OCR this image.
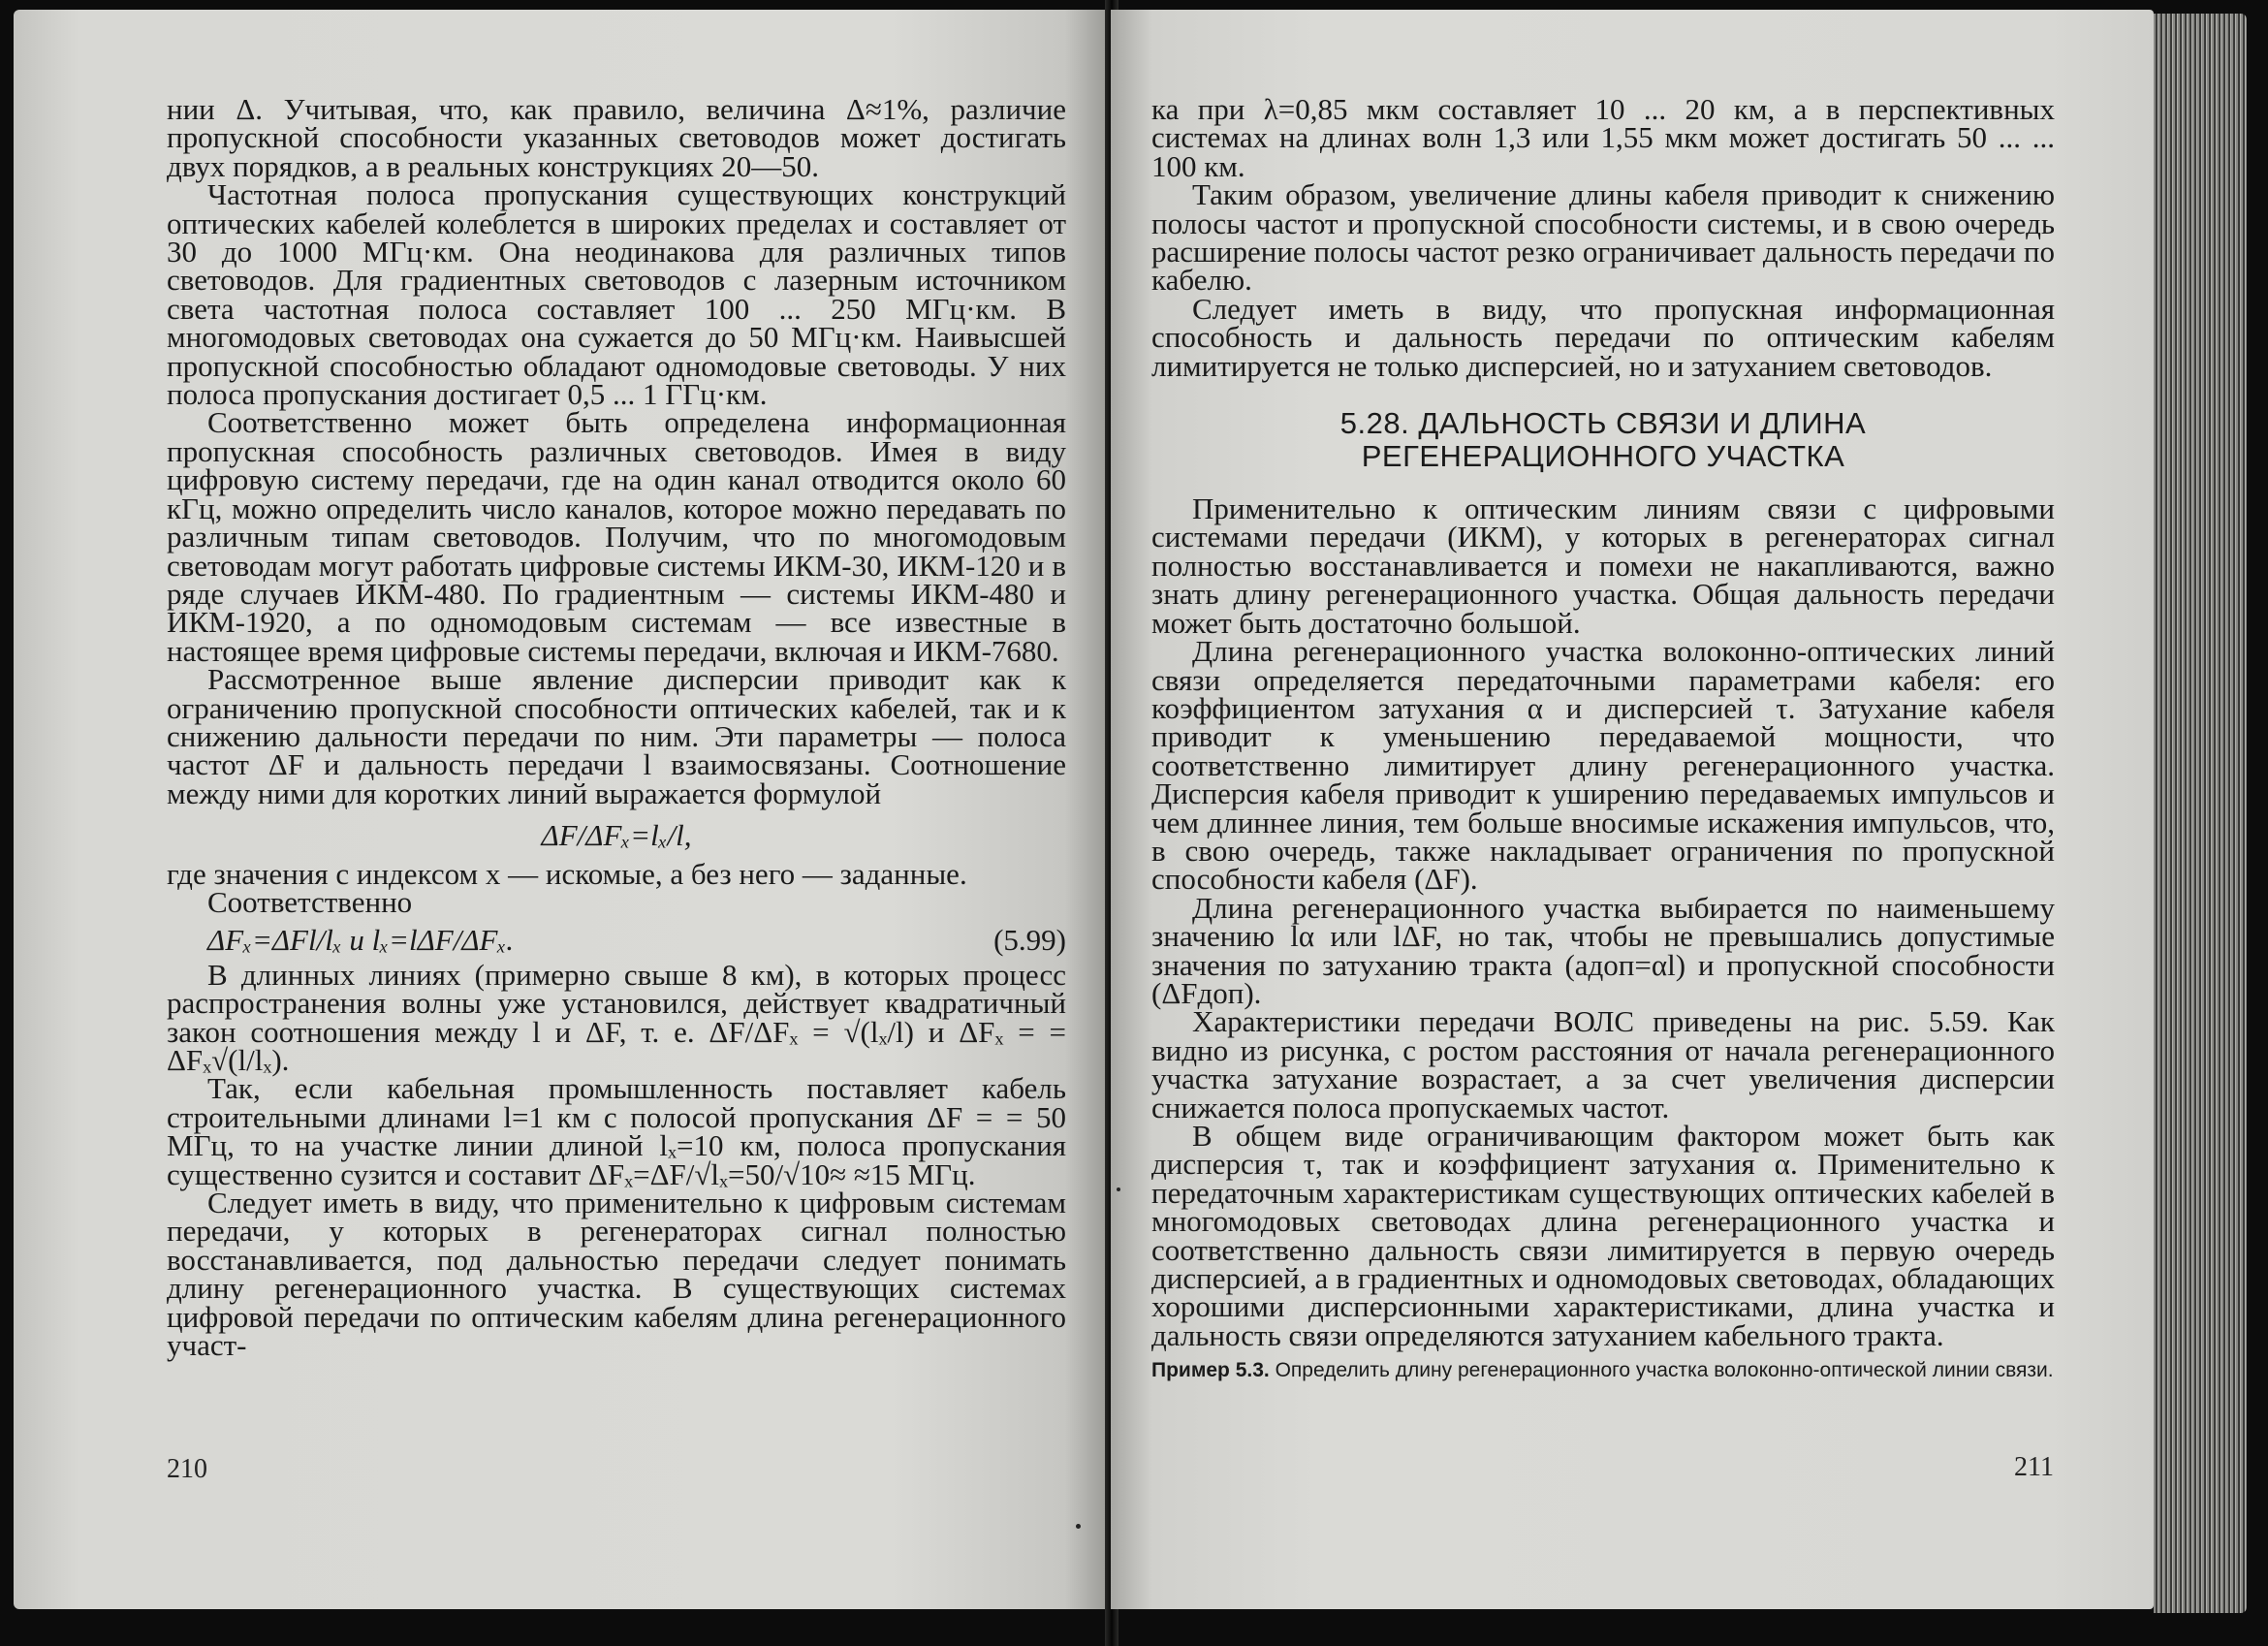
нии Δ. Учитывая, что, как правило, величина Δ≈1%, различие пропускной способности указанных световодов может достигать двух порядков, а в реальных конструкциях 20—50.

Частотная полоса пропускания существующих конструкций оптических кабелей колеблется в широких пределах и составляет от 30 до 1000 МГц·км. Она неодинакова для различных типов световодов. Для градиентных световодов с лазерным источником света частотная полоса составляет 100 ... 250 МГц·км. В многомодовых световодах она сужается до 50 МГц·км. Наивысшей пропускной способностью обладают одномодовые световоды. У них полоса пропускания достигает 0,5 ... 1 ГГц·км.

Соответственно может быть определена информационная пропускная способность различных световодов. Имея в виду цифровую систему передачи, где на один канал отводится около 60 кГц, можно определить число каналов, которое можно передавать по различным типам световодов. Получим, что по многомодовым световодам могут работать цифровые системы ИКМ-30, ИКМ-120 и в ряде случаев ИКМ-480. По градиентным — системы ИКМ-480 и ИКМ-1920, а по одномодовым системам — все известные в настоящее время цифровые системы передачи, включая и ИКМ-7680.

Рассмотренное выше явление дисперсии приводит как к ограничению пропускной способности оптических кабелей, так и к снижению дальности передачи по ним. Эти параметры — полоса частот ΔF и дальность передачи l взаимосвязаны. Соотношение между ними для коротких линий выражается формулой

ΔF/ΔFₓ=lₓ/l,

где значения с индексом x — искомые, а без него — заданные.

Соответственно

ΔFₓ=ΔFl/lₓ и lₓ=lΔF/ΔFₓ.	(5.99)

В длинных линиях (примерно свыше 8 км), в которых процесс распространения волны уже установился, действует квадратичный закон соотношения между l и ΔF, т. е. ΔF/ΔFₓ = √(lₓ/l) и ΔFₓ = = ΔFₓ√(l/lₓ).

Так, если кабельная промышленность поставляет кабель строительными длинами l=1 км с полосой пропускания ΔF = = 50 МГц, то на участке линии длиной lₓ=10 км, полоса пропускания существенно сузится и составит ΔFₓ=ΔF/√lₓ=50/√10≈ ≈15 МГц.

Следует иметь в виду, что применительно к цифровым системам передачи, у которых в регенераторах сигнал полностью восстанавливается, под дальностью передачи следует понимать длину регенерационного участка. В существующих системах цифровой передачи по оптическим кабелям длина регенерационного участ-

210

ка при λ=0,85 мкм составляет 10 ... 20 км, а в перспективных системах на длинах волн 1,3 или 1,55 мкм может достигать 50 ... ... 100 км.

Таким образом, увеличение длины кабеля приводит к снижению полосы частот и пропускной способности системы, и в свою очередь расширение полосы частот резко ограничивает дальность передачи по кабелю.

Следует иметь в виду, что пропускная информационная способность и дальность передачи по оптическим кабелям лимитируется не только дисперсией, но и затуханием световодов.

5.28. ДАЛЬНОСТЬ СВЯЗИ И ДЛИНА
РЕГЕНЕРАЦИОННОГО УЧАСТКА

Применительно к оптическим линиям связи с цифровыми системами передачи (ИКМ), у которых в регенераторах сигнал полностью восстанавливается и помехи не накапливаются, важно знать длину регенерационного участка. Общая дальность передачи может быть достаточно большой.

Длина регенерационного участка волоконно-оптических линий связи определяется передаточными параметрами кабеля: его коэффициентом затухания α и дисперсией τ. Затухание кабеля приводит к уменьшению передаваемой мощности, что соответственно лимитирует длину регенерационного участка. Дисперсия кабеля приводит к уширению передаваемых импульсов и чем длиннее линия, тем больше вносимые искажения импульсов, что, в свою очередь, также накладывает ограничения по пропускной способности кабеля (ΔF).

Длина регенерационного участка выбирается по наименьшему значению lα или lΔF, но так, чтобы не превышались допустимые значения по затуханию тракта (aдоп=αl) и пропускной способности (ΔFдоп).

Характеристики передачи ВОЛС приведены на рис. 5.59. Как видно из рисунка, с ростом расстояния от начала регенерационного участка затухание возрастает, а за счет увеличения дисперсии снижается полоса пропускаемых частот.

В общем виде ограничивающим фактором может быть как дисперсия τ, так и коэффициент затухания α. Применительно к передаточным характеристикам существующих оптических кабелей в многомодовых световодах длина регенерационного участка и соответственно дальность связи лимитируется в первую очередь дисперсией, а в градиентных и одномодовых световодах, обладающих хорошими дисперсионными характеристиками, длина участка и дальность связи определяются затуханием кабельного тракта.

Пример 5.3. Определить длину регенерационного участка волоконно-оптической линии связи.

211
